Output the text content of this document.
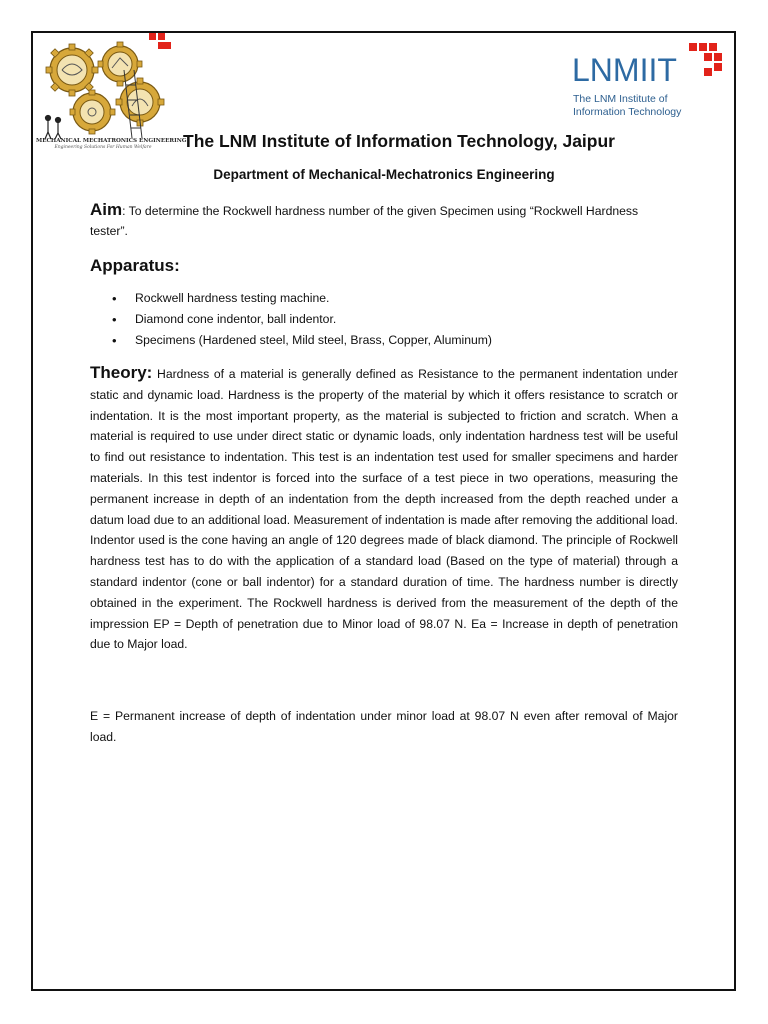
MECHANICAL MECHATRONICS ENGINEERING
Engineering Solutions For Human Welfare
LNMIIT
The LNM Institute of
Information Technology
The LNM Institute of Information Technology, Jaipur
Department of Mechanical-Mechatronics Engineering
Aim: To determine the Rockwell hardness number of the given Specimen using “Rockwell Hardness tester”.
Apparatus:
• Rockwell hardness testing machine.
• Diamond cone indentor, ball indentor.
• Specimens (Hardened steel, Mild steel, Brass, Copper, Aluminum)
Theory: Hardness of a material is generally defined as Resistance to the permanent indentation under static and dynamic load. Hardness is the property of the material by which it offers resistance to scratch or indentation. It is the most important property, as the material is subjected to friction and scratch. When a material is required to use under direct static or dynamic loads, only indentation hardness test will be useful to find out resistance to indentation. This test is an indentation test used for smaller specimens and harder materials. In this test indentor is forced into the surface of a test piece in two operations, measuring the permanent increase in depth of an indentation from the depth increased from the depth reached under a datum load due to an additional load. Measurement of indentation is made after removing the additional load. Indentor used is the cone having an angle of 120 degrees made of black diamond. The principle of Rockwell hardness test has to do with the application of a standard load (Based on the type of material) through a standard indentor (cone or ball indentor) for a standard duration of time. The hardness number is directly obtained in the experiment. The Rockwell hardness is derived from the measurement of the depth of the impression EP = Depth of penetration due to Minor load of 98.07 N. Ea = Increase in depth of penetration due to Major load.
E = Permanent increase of depth of indentation under minor load at 98.07 N even after removal of Major load.
